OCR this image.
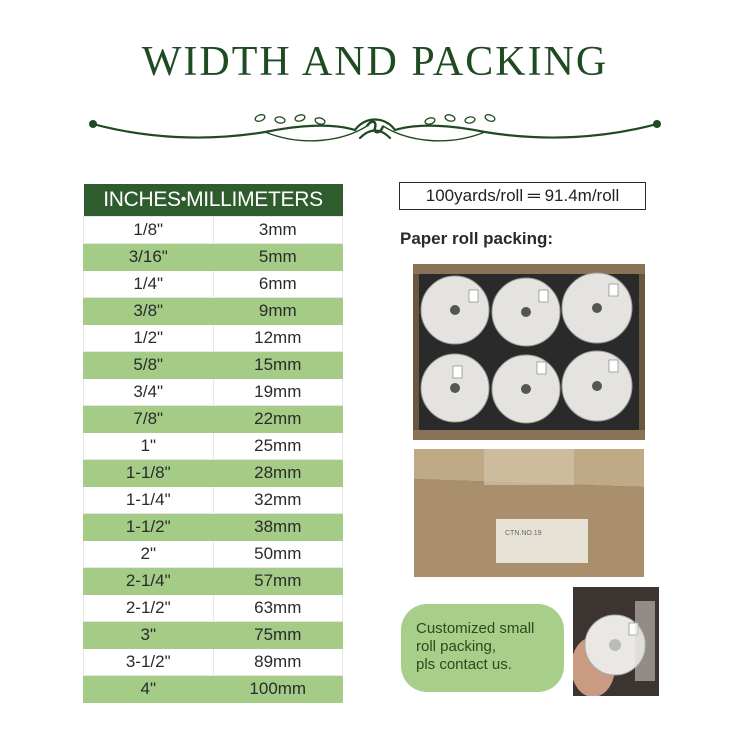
WIDTH AND PACKING
INCHES•MILLIMETERS	
1/8"	3mm
3/16"	5mm
1/4"	6mm
3/8"	9mm
1/2"	12mm
5/8"	15mm
3/4"	19mm
7/8"	22mm
1"	25mm
1-1/8"	28mm
1-1/4"	32mm
1-1/2"	38mm
2"	50mm
2-1/4"	57mm
2-1/2"	63mm
3"	75mm
3-1/2"	89mm
4"	100mm
100yards/roll ═ 91.4m/roll
Paper roll packing:
CTN.NO.19
Customized small
roll packing,
pls contact us.
